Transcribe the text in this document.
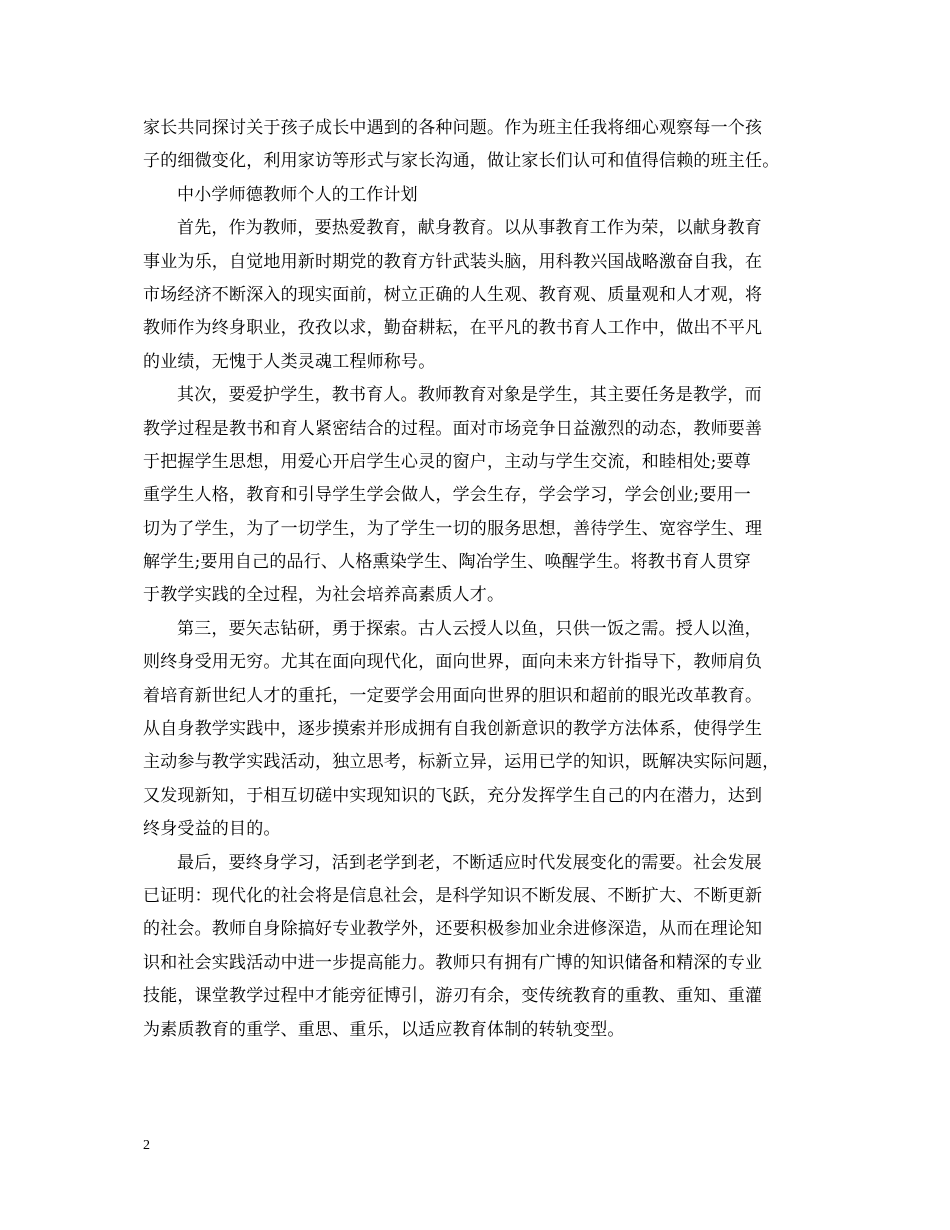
家长共同探讨关于孩子成长中遇到的各种问题。作为班主任我将细心观察每一个孩
子的细微变化，利用家访等形式与家长沟通，做让家长们认可和值得信赖的班主任。
中小学师德教师个人的工作计划
首先，作为教师，要热爱教育，献身教育。以从事教育工作为荣，以献身教育
事业为乐，自觉地用新时期党的教育方针武装头脑，用科教兴国战略激奋自我，在
市场经济不断深入的现实面前，树立正确的人生观、教育观、质量观和人才观，将
教师作为终身职业，孜孜以求，勤奋耕耘，在平凡的教书育人工作中，做出不平凡
的业绩，无愧于人类灵魂工程师称号。
其次，要爱护学生，教书育人。教师教育对象是学生，其主要任务是教学，而
教学过程是教书和育人紧密结合的过程。面对市场竞争日益激烈的动态，教师要善
于把握学生思想，用爱心开启学生心灵的窗户，主动与学生交流，和睦相处;要尊
重学生人格，教育和引导学生学会做人，学会生存，学会学习，学会创业;要用一
切为了学生，为了一切学生，为了学生一切的服务思想，善待学生、宽容学生、理
解学生;要用自己的品行、人格熏染学生、陶冶学生、唤醒学生。将教书育人贯穿
于教学实践的全过程，为社会培养高素质人才。
第三，要矢志钻研，勇于探索。古人云授人以鱼，只供一饭之需。授人以渔，
则终身受用无穷。尤其在面向现代化，面向世界，面向未来方针指导下，教师肩负
着培育新世纪人才的重托，一定要学会用面向世界的胆识和超前的眼光改革教育。
从自身教学实践中，逐步摸索并形成拥有自我创新意识的教学方法体系，使得学生
主动参与教学实践活动，独立思考，标新立异，运用已学的知识，既解决实际问题，
又发现新知，于相互切磋中实现知识的飞跃，充分发挥学生自己的内在潜力，达到
终身受益的目的。
最后，要终身学习，活到老学到老，不断适应时代发展变化的需要。社会发展
已证明：现代化的社会将是信息社会，是科学知识不断发展、不断扩大、不断更新
的社会。教师自身除搞好专业教学外，还要积极参加业余进修深造，从而在理论知
识和社会实践活动中进一步提高能力。教师只有拥有广博的知识储备和精深的专业
技能，课堂教学过程中才能旁征博引，游刃有余，变传统教育的重教、重知、重灌
为素质教育的重学、重思、重乐，以适应教育体制的转轨变型。
2
